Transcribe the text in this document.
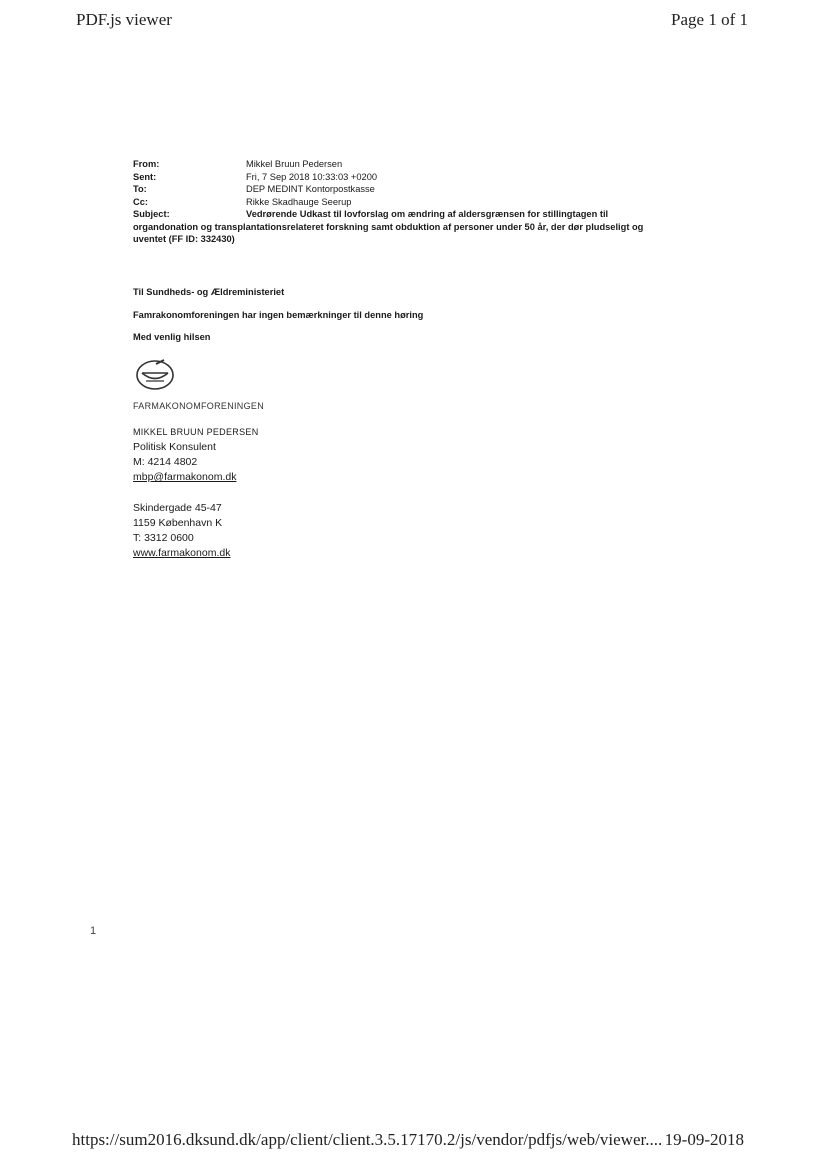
PDF.js viewer	Page 1 of 1
From:	Mikkel Bruun Pedersen
Sent:	Fri, 7 Sep 2018 10:33:03 +0200
To:	DEP MEDINT Kontorpostkasse
Cc:	Rikke Skadhauge Seerup
Subject:	Vedrørende Udkast til lovforslag om ændring af aldersgrænsen for stillingtagen til organdonation og transplantationsrelateret forskning samt obduktion af personer under 50 år, der dør pludseligt og uventet (FF ID: 332430)
Til Sundheds- og Ældreministeriet
Famrakonomforeningen har ingen bemærkninger til denne høring
Med venlig hilsen
FARMAKONOMFORENINGEN
MIKKEL BRUUN PEDERSEN
Politisk Konsulent
M: 4214 4802
mbp@farmakonom.dk
Skindergade 45-47
1159 København K
T: 3312 0600
www.farmakonom.dk
1
https://sum2016.dksund.dk/app/client/client.3.5.17170.2/js/vendor/pdfjs/web/viewer.... 19-09-2018
